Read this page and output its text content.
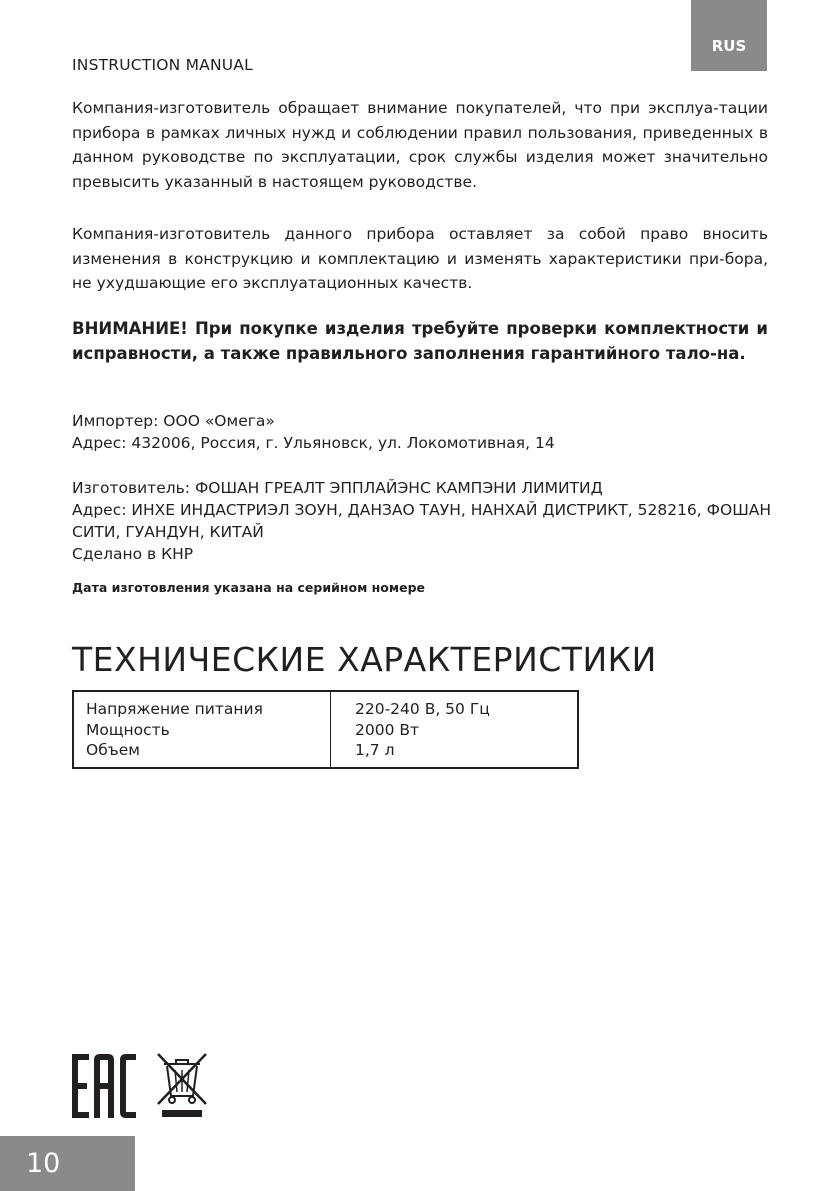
RUS
INSTRUCTION MANUAL
Компания-изготовитель обращает внимание покупателей, что при эксплуа-тации прибора в рамках личных нужд и соблюдении правил пользования, приведенных в данном руководстве по эксплуатации, срок службы изделия может значительно превысить указанный в настоящем руководстве.
Компания-изготовитель данного прибора оставляет за собой право вносить изменения в конструкцию и комплектацию и изменять характеристики при-бора, не ухудшающие его эксплуатационных качеств.
ВНИМАНИЕ! При покупке изделия требуйте проверки комплектности и исправности, а также правильного заполнения гарантийного тало-на.
Импортер: ООО «Омега»
Адрес: 432006, Россия, г. Ульяновск, ул. Локомотивная, 14
Изготовитель: ФОШАН ГРЕАЛТ ЭППЛАЙЭНС КАМПЭНИ ЛИМИТИД
Адрес: ИНХЕ ИНДАСТРИЭЛ ЗОУН, ДАНЗАО ТАУН, НАНХАЙ ДИСТРИКТ, 528216, ФОШАН СИТИ, ГУАНДУН, КИТАЙ
Сделано в КНР
Дата изготовления указана на серийном номере
ТЕХНИЧЕСКИЕ ХАРАКТЕРИСТИКИ
Напряжение питания
Мощность
Объем
220-240 В, 50 Гц
2000 Вт
1,7 л
10
